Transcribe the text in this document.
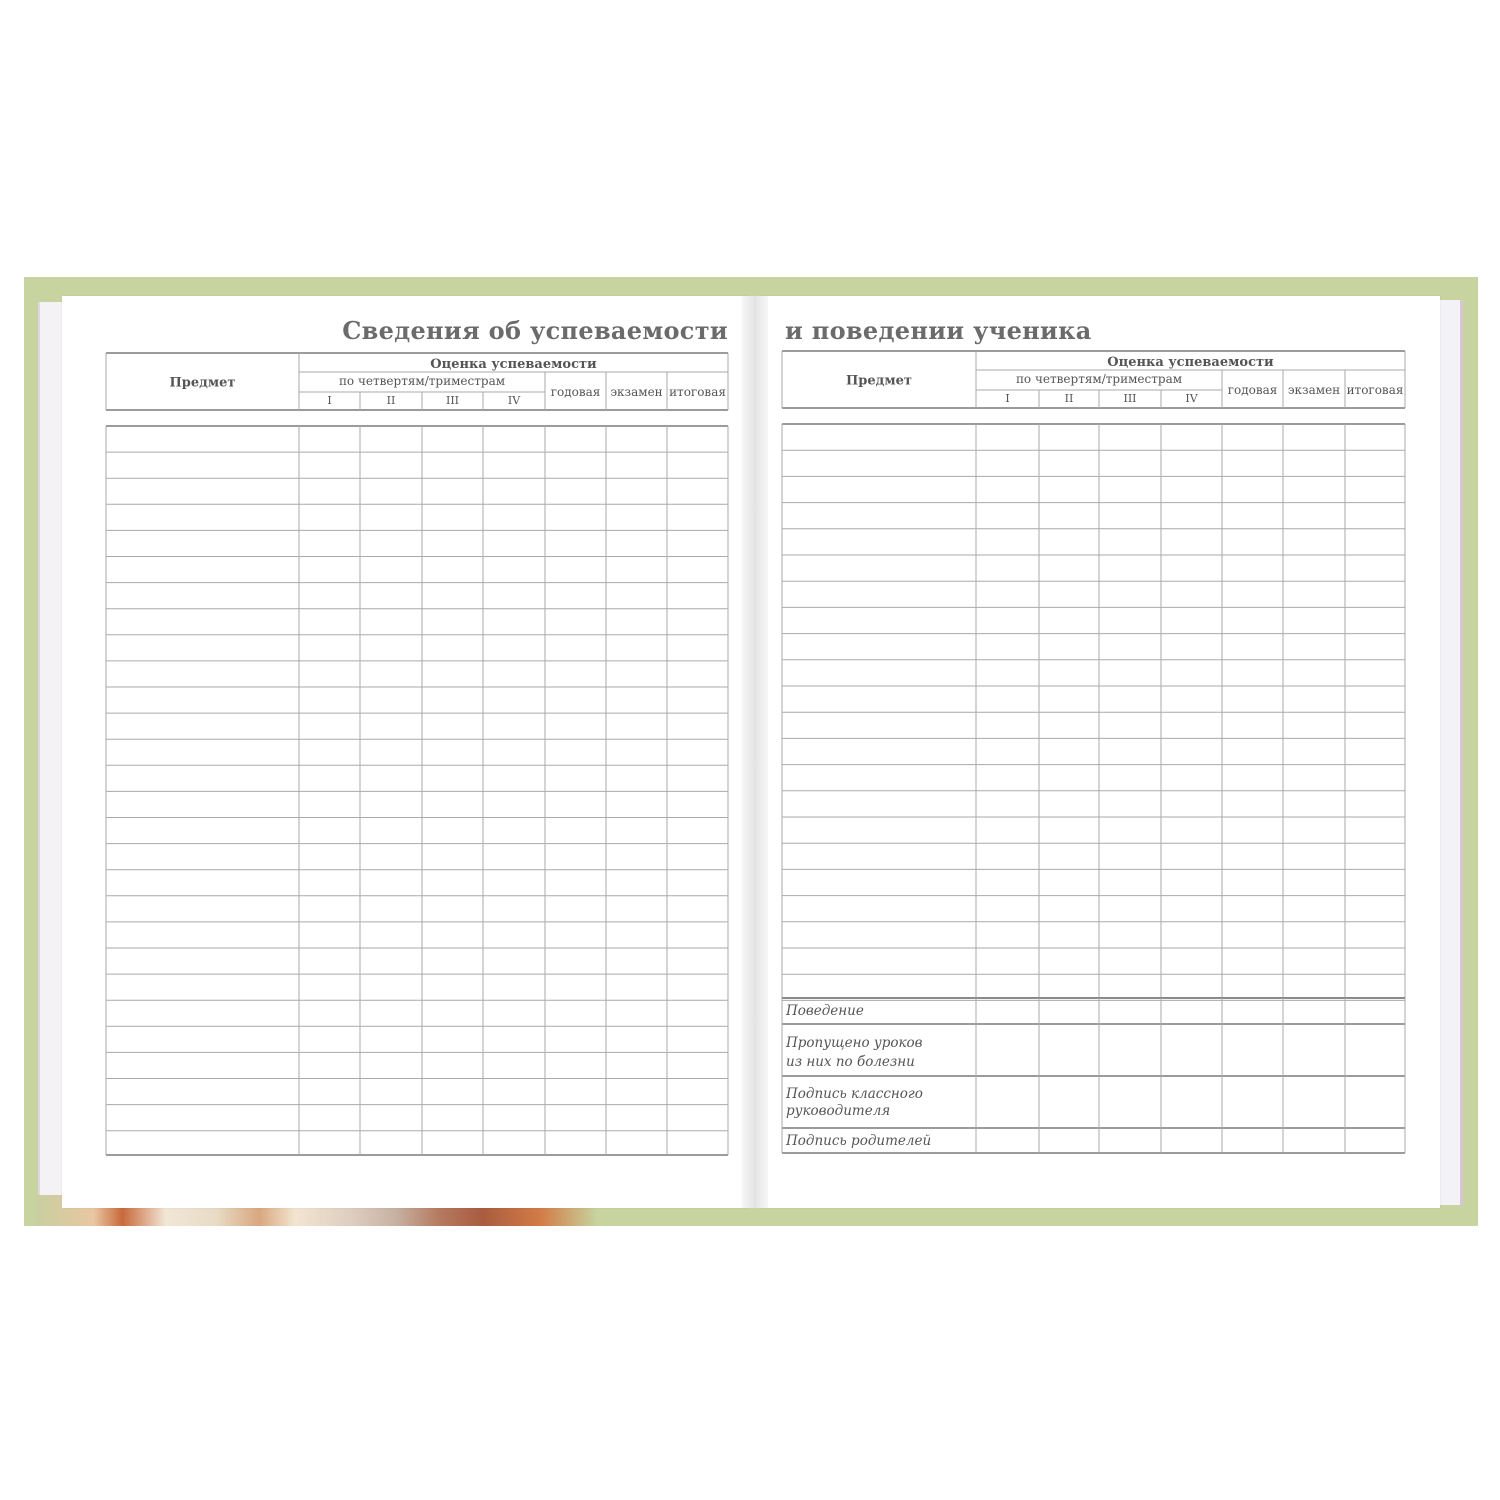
Сведения об успеваемости и поведении ученика
Предмет
Оценка успеваемости
по четвертям/триместрам
I	II	III	IV
годовая экзамен итоговая
Предмет
Оценка успеваемости
по четвертям/триместрам
I	II	III	IV
годовая экзамен итоговая
Поведение
Пропущено уроков
из них по болезни
Подпись классного
руководителя
Подпись родителей
